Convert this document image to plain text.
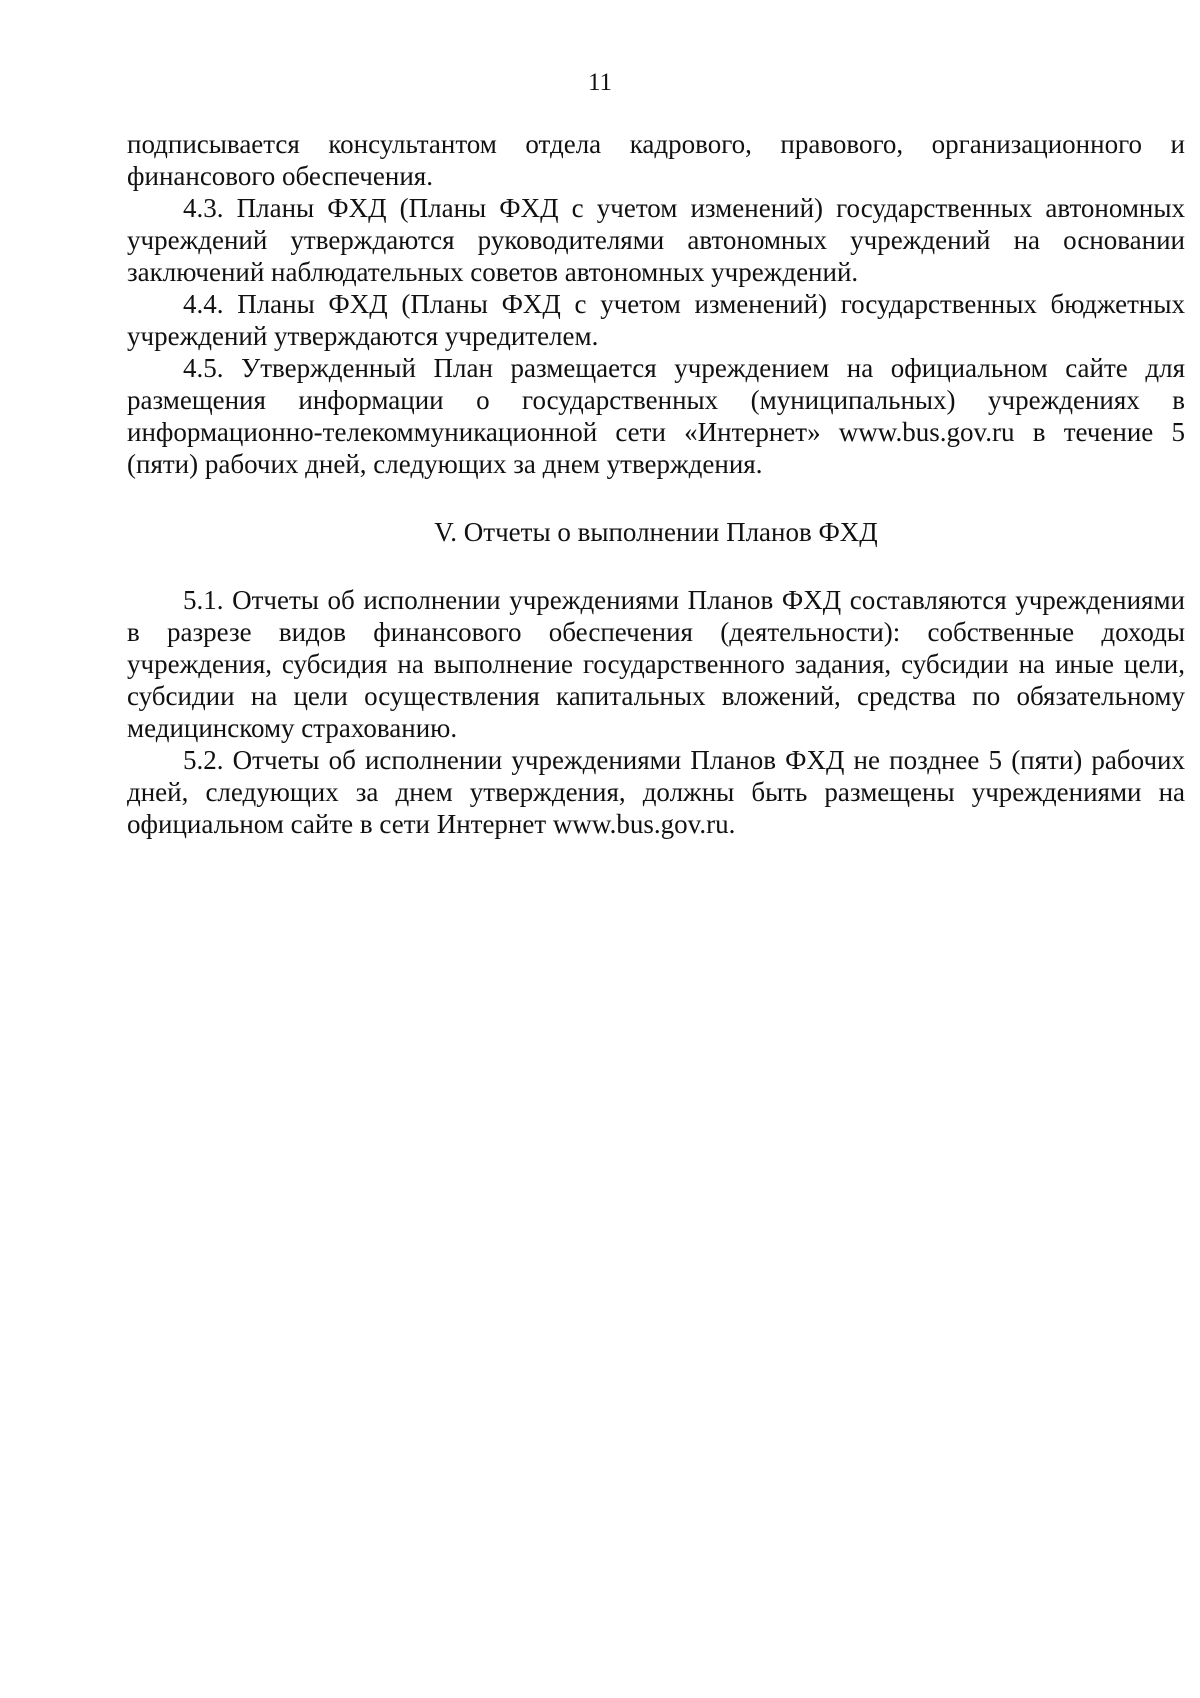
11

подписывается консультантом отдела кадрового, правового, организационного и финансового обеспечения.

4.3. Планы ФХД (Планы ФХД с учетом изменений) государственных автономных учреждений утверждаются руководителями автономных учреждений на основании заключений наблюдательных советов автономных учреждений.

4.4. Планы ФХД (Планы ФХД с учетом изменений) государственных бюджетных учреждений утверждаются учредителем.

4.5. Утвержденный План размещается учреждением на официальном сайте для размещения информации о государственных (муниципальных) учреждениях в информационно-телекоммуникационной сети «Интернет» www.bus.gov.ru в течение 5 (пяти) рабочих дней, следующих за днем утверждения.

V. Отчеты о выполнении Планов ФХД

5.1. Отчеты об исполнении учреждениями Планов ФХД составляются учреждениями в разрезе видов финансового обеспечения (деятельности): собственные доходы учреждения, субсидия на выполнение государственного задания, субсидии на иные цели, субсидии на цели осуществления капитальных вложений, средства по обязательному медицинскому страхованию.

5.2. Отчеты об исполнении учреждениями Планов ФХД не позднее 5 (пяти) рабочих дней, следующих за днем утверждения, должны быть размещены учреждениями на официальном сайте в сети Интернет www.bus.gov.ru.
